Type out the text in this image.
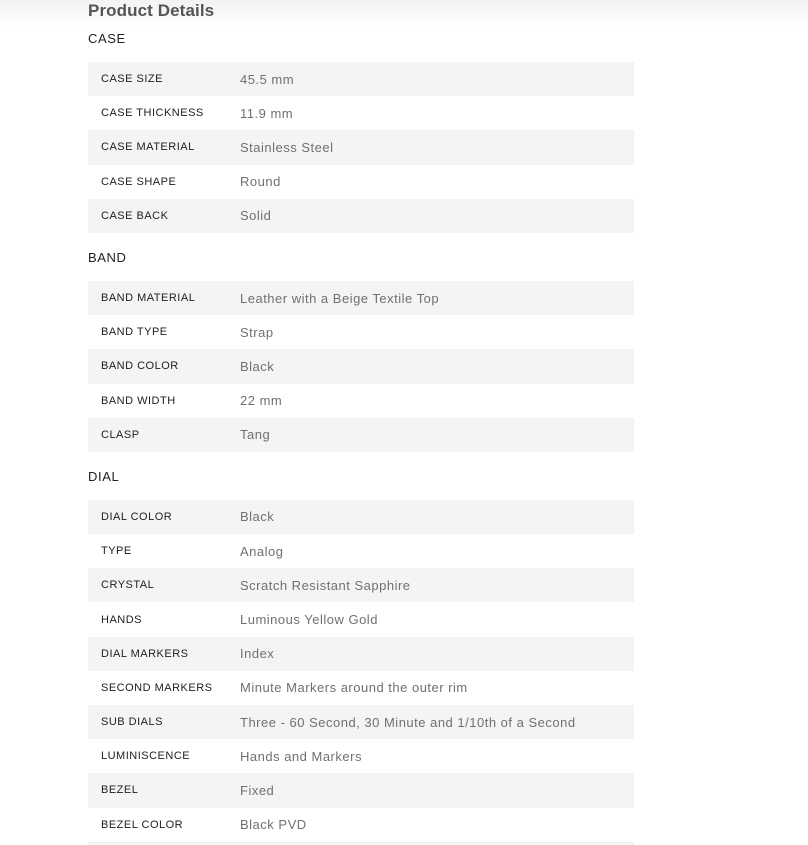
Product Details
CASE
CASE SIZE	45.5 mm
CASE THICKNESS	11.9 mm
CASE MATERIAL	Stainless Steel
CASE SHAPE	Round
CASE BACK	Solid
BAND
BAND MATERIAL	Leather with a Beige Textile Top
BAND TYPE	Strap
BAND COLOR	Black
BAND WIDTH	22 mm
CLASP	Tang
DIAL
DIAL COLOR	Black
TYPE	Analog
CRYSTAL	Scratch Resistant Sapphire
HANDS	Luminous Yellow Gold
DIAL MARKERS	Index
SECOND MARKERS	Minute Markers around the outer rim
SUB DIALS	Three - 60 Second, 30 Minute and 1/10th of a Second
LUMINISCENCE	Hands and Markers
BEZEL	Fixed
BEZEL COLOR	Black PVD
